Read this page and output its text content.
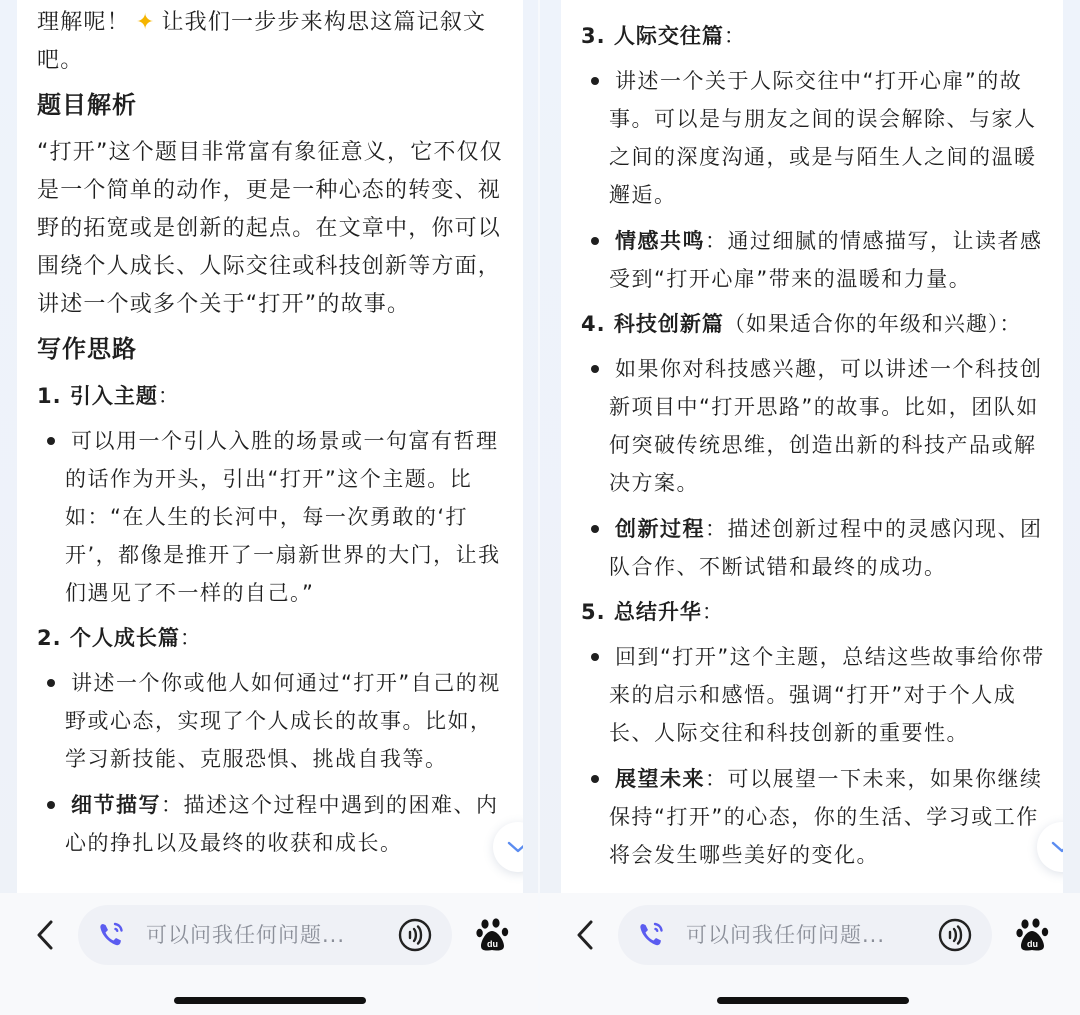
理解呢！ ✦ 让我们一步步来构思这篇记叙文吧。

题目解析

“打开”这个题目非常富有象征意义，它不仅仅是一个简单的动作，更是一种心态的转变、视野的拓宽或是创新的起点。在文章中，你可以围绕个人成长、人际交往或科技创新等方面，讲述一个或多个关于“打开”的故事。

写作思路
1. 引入主题：
可以用一个引人入胜的场景或一句富有哲理的话作为开头，引出“打开”这个主题。比如：“在人生的长河中，每一次勇敢的‘打开’，都像是推开了一扇新世界的大门，让我们遇见了不一样的自己。”
2. 个人成长篇：
讲述一个你或他人如何通过“打开”自己的视野或心态，实现了个人成长的故事。比如，学习新技能、克服恐惧、挑战自我等。
细节描写：描述这个过程中遇到的困难、内心的挣扎以及最终的收获和成长。
可以问我任何问题...	du
3. 人际交往篇：
讲述一个关于人际交往中“打开心扉”的故事。可以是与朋友之间的误会解除、与家人之间的深度沟通，或是与陌生人之间的温暖邂逅。
情感共鸣：通过细腻的情感描写，让读者感受到“打开心扉”带来的温暖和力量。
4. 科技创新篇（如果适合你的年级和兴趣）：
如果你对科技感兴趣，可以讲述一个科技创新项目中“打开思路”的故事。比如，团队如何突破传统思维，创造出新的科技产品或解决方案。
创新过程：描述创新过程中的灵感闪现、团队合作、不断试错和最终的成功。
5. 总结升华：
回到“打开”这个主题，总结这些故事给你带来的启示和感悟。强调“打开”对于个人成长、人际交往和科技创新的重要性。
展望未来：可以展望一下未来，如果你继续保持“打开”的心态，你的生活、学习或工作将会发生哪些美好的变化。
可以问我任何问题...	du
